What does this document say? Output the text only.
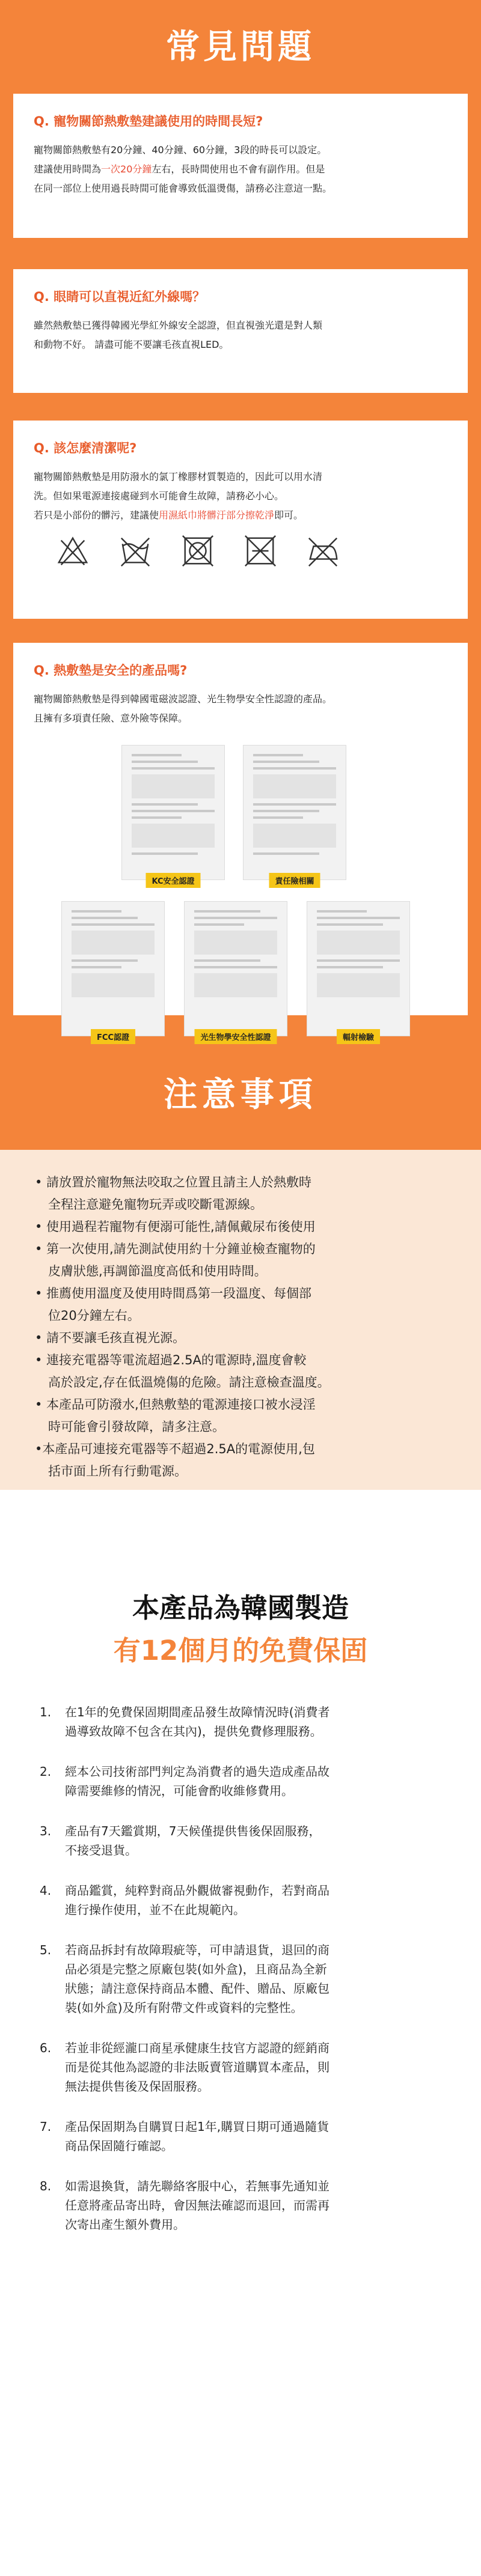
常見問題
Q. 寵物關節熱敷墊建議使用的時間長短?
寵物關節熱敷墊有20分鐘、40分鐘、60分鐘，3段的時長可以設定。
建議使用時間為一次20分鐘左右，長時間使用也不會有副作用。但是
在同一部位上使用過長時間可能會導致低溫燙傷，請務必注意這一點。
Q. 眼睛可以直視近紅外線嗎？
雖然熱敷墊已獲得韓國光學紅外線安全認證，但直視強光還是對人類
和動物不好。 請盡可能不要讓毛孩直視LED。
Q. 該怎麼清潔呢?
寵物關節熱敷墊是用防潑水的氯丁橡膠材質製造的，因此可以用水清
洗。但如果電源連接處碰到水可能會生故障，請務必小心。
若只是小部份的髒污，建議使用濕紙巾將髒汙部分擦乾淨即可。
Q. 熱敷墊是安全的產品嗎?
寵物關節熱敷墊是得到韓國電磁波認證、光生物學安全性認證的產品。
且擁有多項責任險、意外險等保障。
KC安全認證	責任險相關
FCC認證	光生物學安全性認證	輻射檢驗
注意事項
• 請放置於寵物無法咬取之位置且請主人於熱敷時
全程注意避免寵物玩弄或咬斷電源線。
• 使用過程若寵物有便溺可能性,請佩戴尿布後使用
• 第一次使用,請先測試使用約十分鐘並檢查寵物的
皮膚狀態,再調節溫度高低和使用時間。
• 推薦使用溫度及使用時間爲第一段溫度、每個部
位20分鐘左右。
• 請不要讓毛孩直視光源。
• 連接充電器等電流超過2.5A的電源時,溫度會較
高於設定,存在低溫燒傷的危險。請注意檢查溫度。
• 本產品可防潑水,但熱敷墊的電源連接口被水浸淫
時可能會引發故障，請多注意。
•本產品可連接充電器等不超過2.5A的電源使用,包
括市面上所有行動電源。
本產品為韓國製造
有12個月的免費保固
1. 在1年的免費保固期間產品發生故障情況時(消費者
過導致故障不包含在其內)，提供免費修理服務。
2. 經本公司技術部門判定為消費者的過失造成產品故
障需要維修的情況，可能會酌收維修費用。
3. 產品有7天鑑賞期，7天候僅提供售後保固服務，
不接受退貨。
4. 商品鑑賞，純粹對商品外觀做審視動作，若對商品
進行操作使用，並不在此規範內。
5. 若商品拆封有故障瑕疵等，可申請退貨，退回的商
品必須是完整之原廠包裝(如外盒)，且商品為全新
狀態；請注意保持商品本體、配件、贈品、原廠包
裝(如外盒)及所有附帶文件或資料的完整性。
6. 若並非從經瀧口商星承健康生技官方認證的經銷商
而是從其他為認證的非法販賣管道購買本產品，則
無法提供售後及保固服務。
7. 產品保固期為自購買日起1年,購買日期可通過隨貨
商品保固隨行確認。
8. 如需退換貨，請先聯絡客服中心，若無事先通知並
任意將產品寄出時，會因無法確認而退回，而需再
次寄出產生額外費用。
